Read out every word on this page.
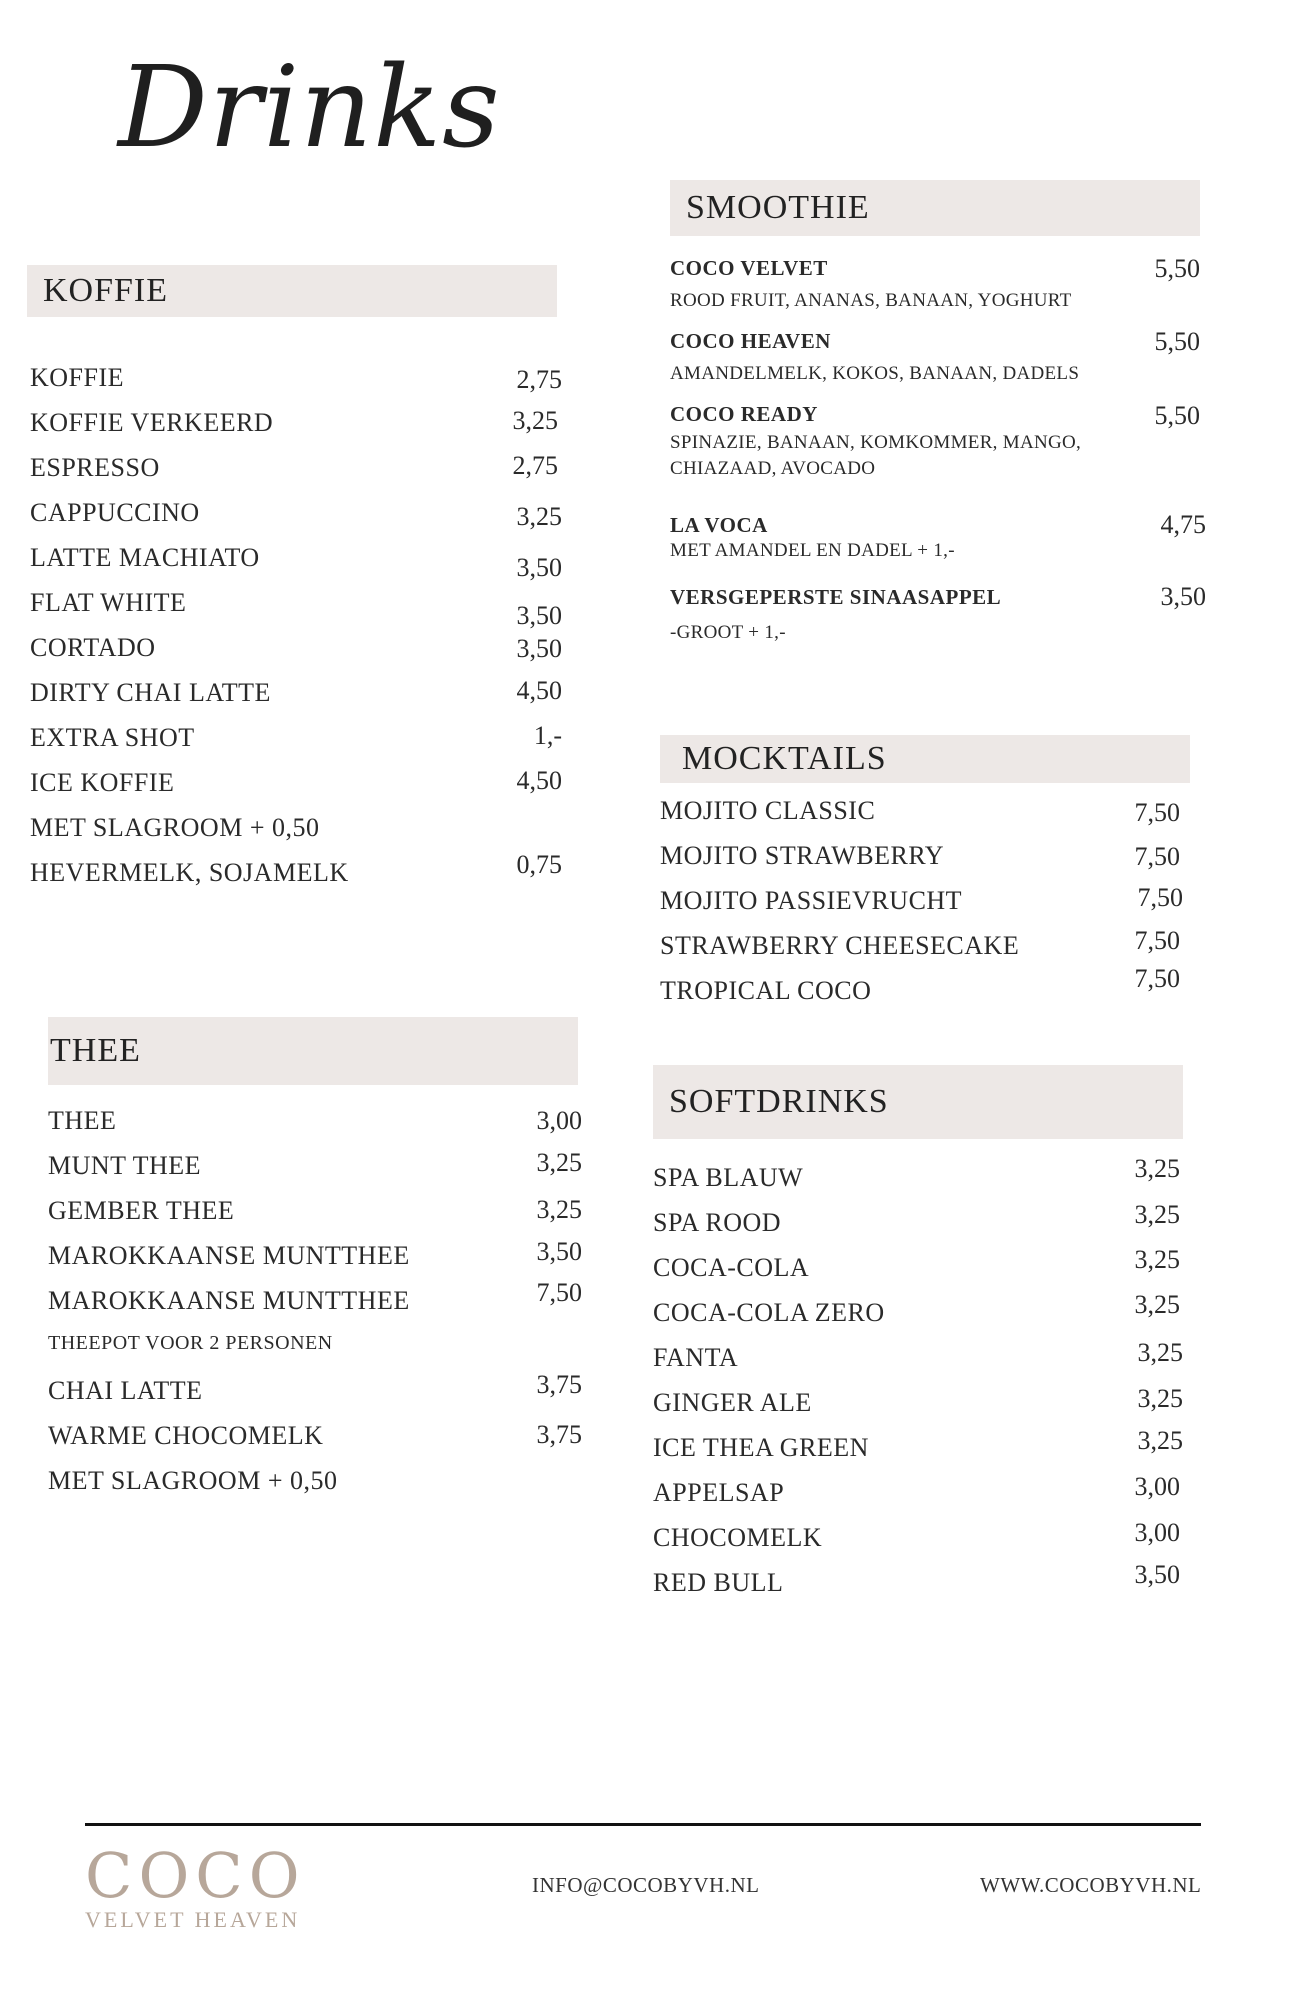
Drinks
KOFFIE
KOFFIE	2,75
KOFFIE VERKEERD	3,25
ESPRESSO	2,75
CAPPUCCINO	3,25
LATTE MACHIATO	3,50
FLAT WHITE	3,50
CORTADO	3,50
DIRTY CHAI LATTE	4,50
EXTRA SHOT	1,-
ICE KOFFIE	4,50
MET SLAGROOM + 0,50
HEVERMELK, SOJAMELK	0,75
THEE
THEE	3,00
MUNT THEE	3,25
GEMBER THEE	3,25
MAROKKAANSE MUNTTHEE	3,50
MAROKKAANSE MUNTTHEE	7,50
THEEPOT VOOR 2 PERSONEN
CHAI LATTE	3,75
WARME CHOCOMELK	3,75
MET SLAGROOM + 0,50
SMOOTHIE
COCO VELVET	5,50
ROOD FRUIT, ANANAS, BANAAN, YOGHURT
COCO HEAVEN	5,50
AMANDELMELK, KOKOS, BANAAN, DADELS
COCO READY	5,50
SPINAZIE, BANAAN, KOMKOMMER, MANGO,
CHIAZAAD, AVOCADO
LA VOCA	4,75
MET AMANDEL EN DADEL + 1,-
VERSGEPERSTE SINAASAPPEL	3,50
-GROOT + 1,-
MOCKTAILS
MOJITO CLASSIC	7,50
MOJITO STRAWBERRY	7,50
MOJITO PASSIEVRUCHT	7,50
STRAWBERRY CHEESECAKE	7,50
TROPICAL COCO	7,50
SOFTDRINKS
SPA BLAUW	3,25
SPA ROOD	3,25
COCA-COLA	3,25
COCA-COLA ZERO	3,25
FANTA	3,25
GINGER ALE	3,25
ICE THEA GREEN	3,25
APPELSAP	3,00
CHOCOMELK	3,00
RED BULL	3,50
COCO
VELVET HEAVEN
INFO@COCOBYVH.NL	WWW.COCOBYVH.NL
